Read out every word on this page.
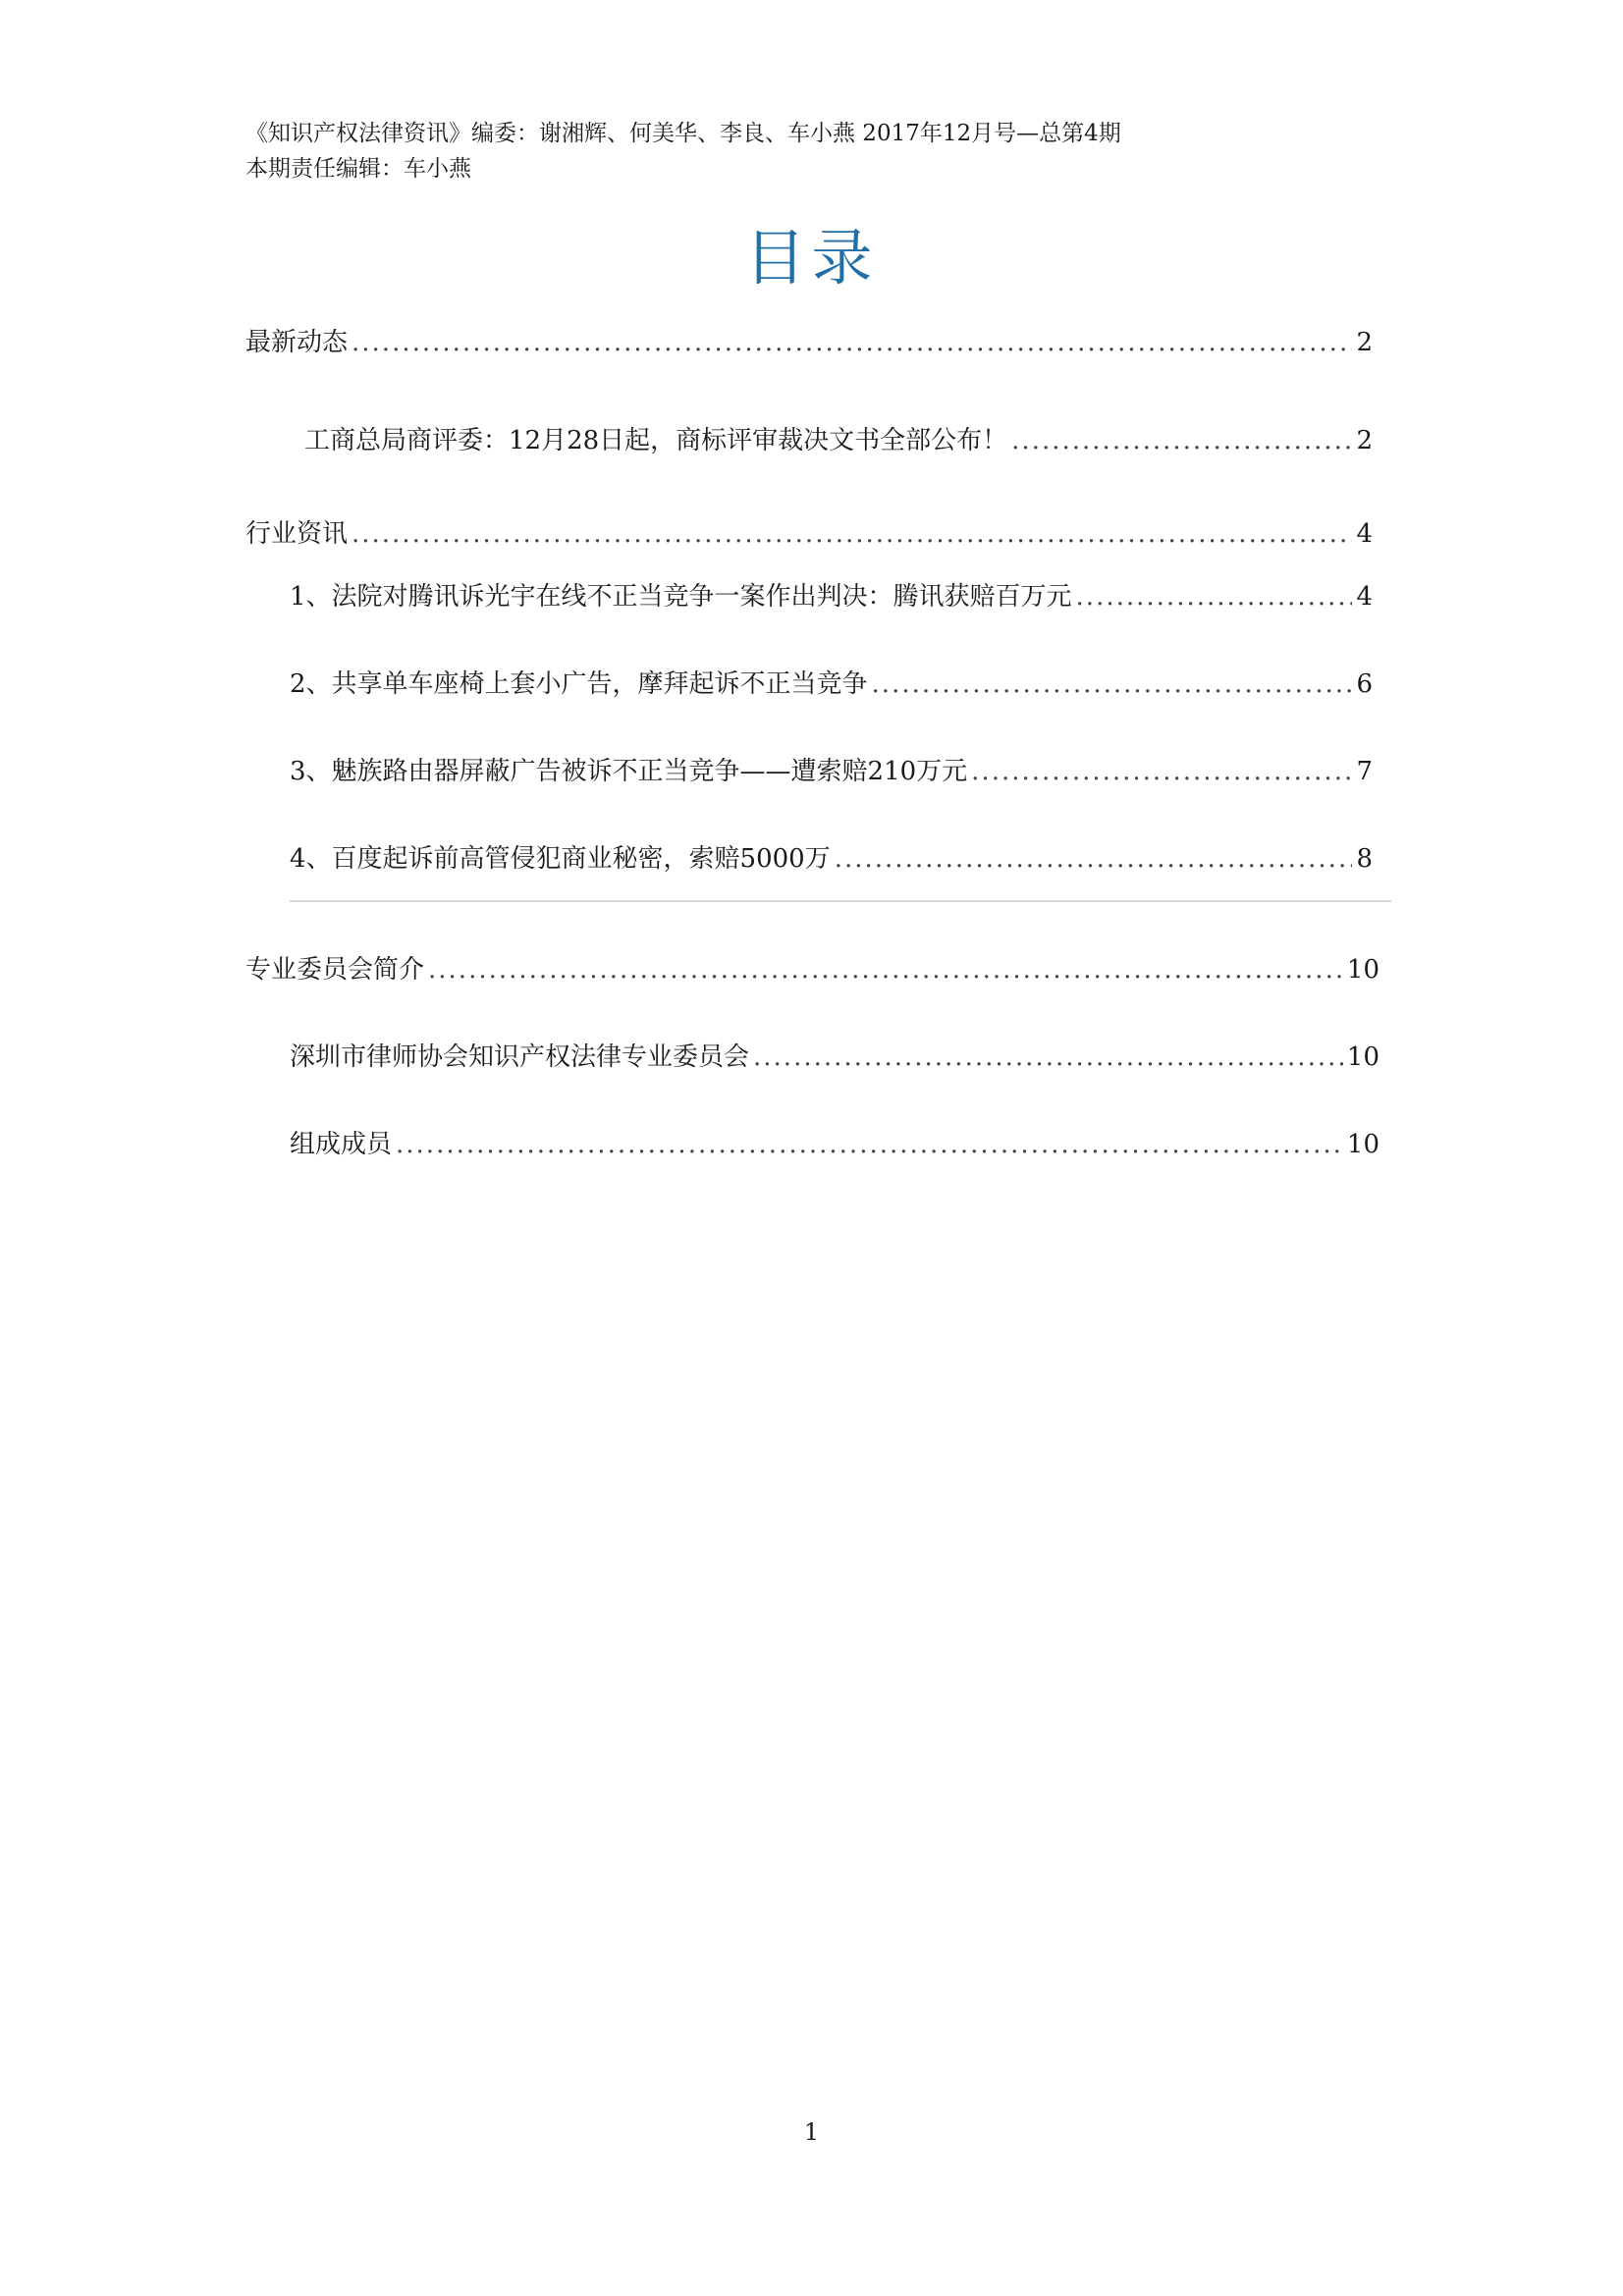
《知识产权法律资讯》编委：谢湘辉、何美华、李良、车小燕 2017年12月号—总第4期
本期责任编辑：车小燕
目录
最新动态 .....	2
工商总局商评委：12月28日起，商标评审裁决文书全部公布！ .....	2
行业资讯 .....	4
1、法院对腾讯诉光宇在线不正当竞争一案作出判决：腾讯获赔百万元 .....	4
2、共享单车座椅上套小广告，摩拜起诉不正当竞争 .....	6
3、魅族路由器屏蔽广告被诉不正当竞争——遭索赔210万元 .....	7
4、百度起诉前高管侵犯商业秘密，索赔5000万 .....	8
专业委员会简介 .....	10
深圳市律师协会知识产权法律专业委员会 .....	10
组成成员 .....	10
1
